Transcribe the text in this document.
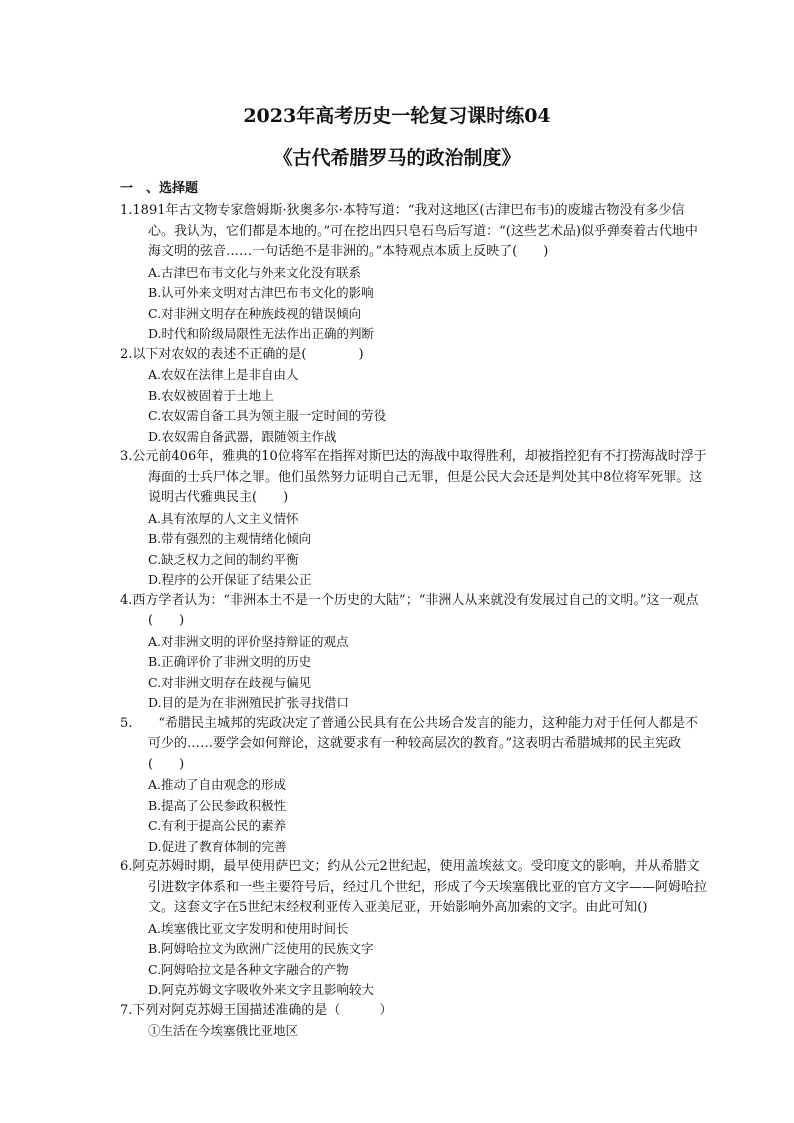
2023年高考历史一轮复习课时练04
《古代希腊罗马的政治制度》
一　、选择题

1.1891年古文物专家詹姆斯·狄奥多尔·本特写道：“我对这地区(古津巴布韦)的废墟古物没有多少信心。我认为，它们都是本地的。”可在挖出四只皂石鸟后写道：“(这些艺术品)似乎弹奏着古代地中海文明的弦音……一句话绝不是非洲的。”本特观点本质上反映了(　　)

A.古津巴布韦文化与外来文化没有联系

B.认可外来文明对古津巴布韦文化的影响

C.对非洲文明存在种族歧视的错误倾向

D.时代和阶级局限性无法作出正确的判断

2.以下对农奴的表述不正确的是(　　　　)

A.农奴在法律上是非自由人

B.农奴被固着于土地上

C.农奴需自备工具为领主服一定时间的劳役

D.农奴需自备武器，跟随领主作战

3.公元前406年，雅典的10位将军在指挥对斯巴达的海战中取得胜利，却被指控犯有不打捞海战时浮于海面的士兵尸体之罪。他们虽然努力证明自己无罪，但是公民大会还是判处其中8位将军死罪。这说明古代雅典民主(　　)

A.具有浓厚的人文主义情怀

B.带有强烈的主观情绪化倾向

C.缺乏权力之间的制约平衡

D.程序的公开保证了结果公正

4.西方学者认为：“非洲本土不是一个历史的大陆”；“非洲人从来就没有发展过自己的文明。”这一观点(　　)

A.对非洲文明的评价坚持辩证的观点

B.正确评价了非洲文明的历史

C.对非洲文明存在歧视与偏见

D.目的是为在非洲殖民扩张寻找借口

5.　　“希腊民主城邦的宪政决定了普通公民具有在公共场合发言的能力，这种能力对于任何人都是不可少的……要学会如何辩论，这就要求有一种较高层次的教育。”这表明古希腊城邦的民主宪政(　　)

A.推动了自由观念的形成

B.提高了公民参政积极性

C.有利于提高公民的素养

D.促进了教育体制的完善

6.阿克苏姆时期，最早使用萨巴文；约从公元2世纪起，使用盖埃兹文。受印度文的影响，并从希腊文引进数字体系和一些主要符号后，经过几个世纪，形成了今天埃塞俄比亚的官方文字——阿姆哈拉文。这套文字在5世纪末经杈利亚传入亚美尼亚，开始影响外高加索的文字。由此可知()

A.埃塞俄比亚文字发明和使用时间长

B.阿姆哈拉文为欧洲广泛使用的民族文字

C.阿姆哈拉文是各种文字融合的产物

D.阿克苏姆文字吸收外来文字且影响较大

7.下列对阿克苏姆王国描述准确的是（　　　）

①生活在今埃塞俄比亚地区
